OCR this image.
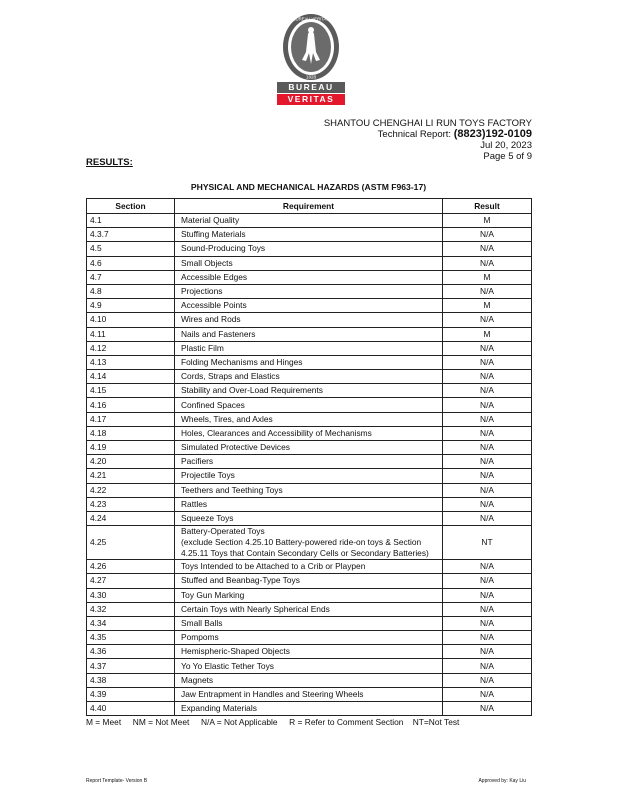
BUREAU VERITAS
1828
BUREAU
VERITAS
SHANTOU CHENGHAI LI RUN TOYS FACTORY
Technical Report: (8823)192-0109
Jul 20, 2023
Page 5 of 9
RESULTS:
PHYSICAL AND MECHANICAL HAZARDS (ASTM F963-17)
Section	Requirement	Result
4.1	Material Quality	M
4.3.7	Stuffing Materials	N/A
4.5	Sound-Producing Toys	N/A
4.6	Small Objects	N/A
4.7	Accessible Edges	M
4.8	Projections	N/A
4.9	Accessible Points	M
4.10	Wires and Rods	N/A
4.11	Nails and Fasteners	M
4.12	Plastic Film	N/A
4.13	Folding Mechanisms and Hinges	N/A
4.14	Cords, Straps and Elastics	N/A
4.15	Stability and Over-Load Requirements	N/A
4.16	Confined Spaces	N/A
4.17	Wheels, Tires, and Axles	N/A
4.18	Holes, Clearances and Accessibility of Mechanisms	N/A
4.19	Simulated Protective Devices	N/A
4.20	Pacifiers	N/A
4.21	Projectile Toys	N/A
4.22	Teethers and Teething Toys	N/A
4.23	Rattles	N/A
4.24	Squeeze Toys	N/A
4.25	Battery-Operated Toys
(exclude Section 4.25.10 Battery-powered ride-on toys & Section
4.25.11 Toys that Contain Secondary Cells or Secondary Batteries)	NT
4.26	Toys Intended to be Attached to a Crib or Playpen	N/A
4.27	Stuffed and Beanbag-Type Toys	N/A
4.30	Toy Gun Marking	N/A
4.32	Certain Toys with Nearly Spherical Ends	N/A
4.34	Small Balls	N/A
4.35	Pompoms	N/A
4.36	Hemispheric-Shaped Objects	N/A
4.37	Yo Yo Elastic Tether Toys	N/A
4.38	Magnets	N/A
4.39	Jaw Entrapment in Handles and Steering Wheels	N/A
4.40	Expanding Materials	N/A
M = Meet     NM = Not Meet     N/A = Not Applicable     R = Refer to Comment Section    NT=Not Test
Report Template- Version B	Approved by: Kay Liu
